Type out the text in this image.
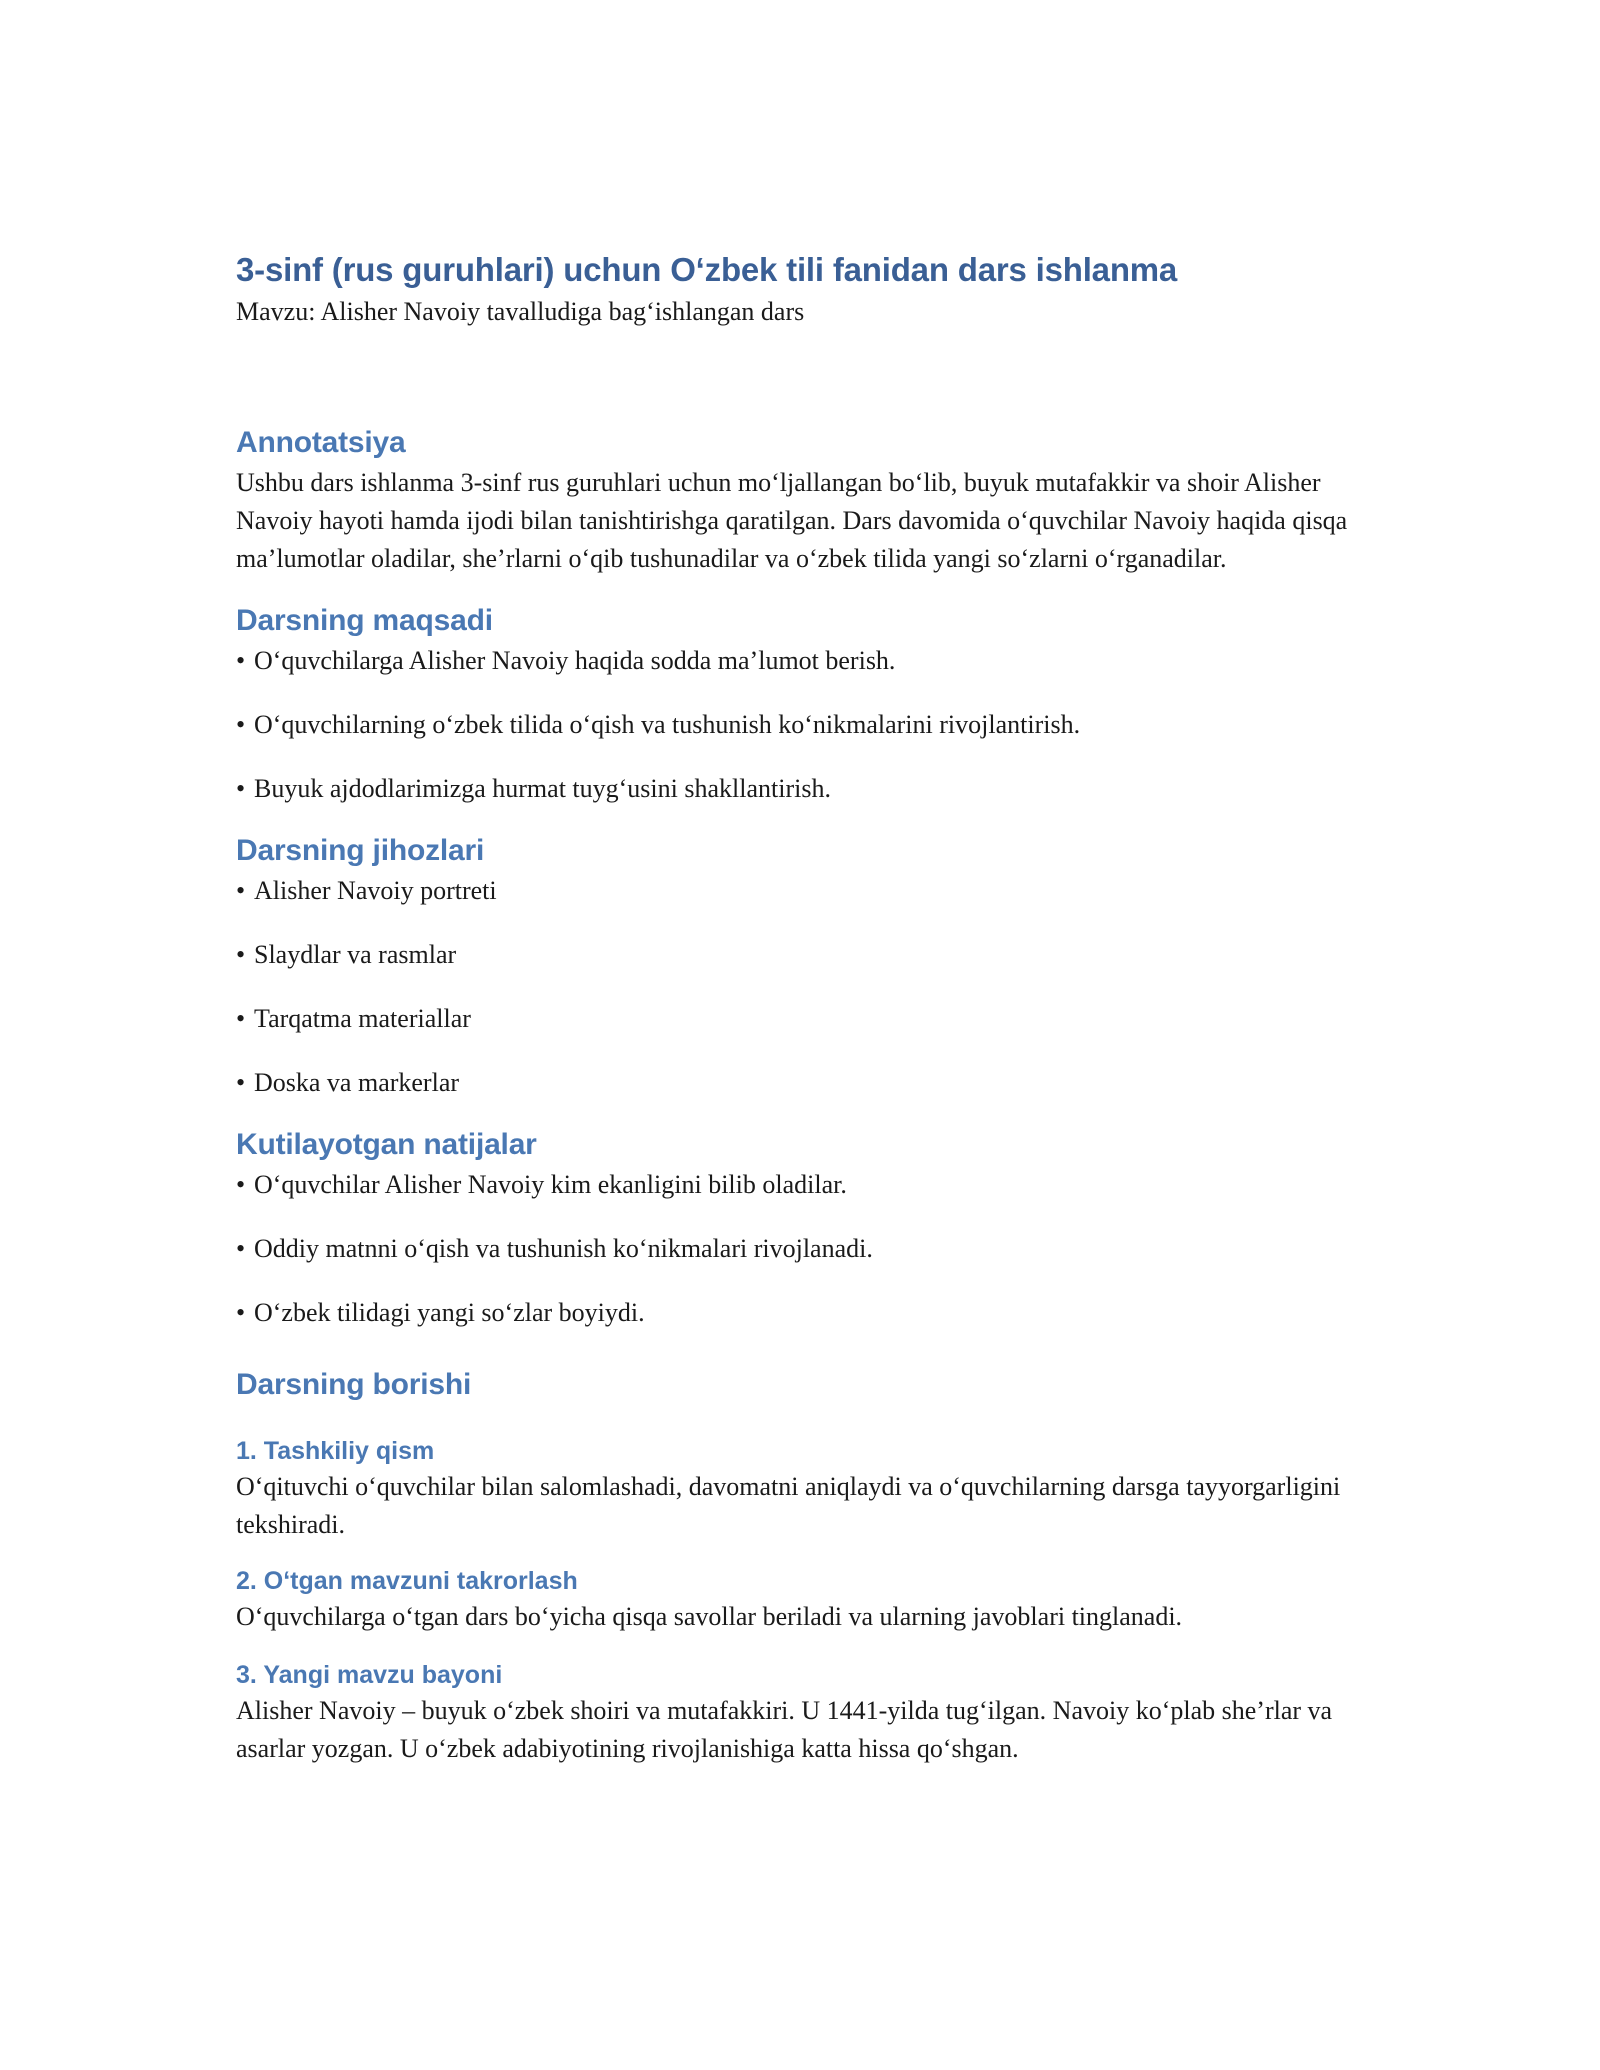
3-sinf (rus guruhlari) uchun O‘zbek tili fanidan dars ishlanma

Mavzu: Alisher Navoiy tavalludiga bag‘ishlangan dars

Annotatsiya

Ushbu dars ishlanma 3-sinf rus guruhlari uchun mo‘ljallangan bo‘lib, buyuk mutafakkir va shoir Alisher Navoiy hayoti hamda ijodi bilan tanishtirishga qaratilgan. Dars davomida o‘quvchilar Navoiy haqida qisqa ma’lumotlar oladilar, she’rlarni o‘qib tushunadilar va o‘zbek tilida yangi so‘zlarni o‘rganadilar.

Darsning maqsadi
• O‘quvchilarga Alisher Navoiy haqida sodda ma’lumot berish.
• O‘quvchilarning o‘zbek tilida o‘qish va tushunish ko‘nikmalarini rivojlantirish.
• Buyuk ajdodlarimizga hurmat tuyg‘usini shakllantirish.
Darsning jihozlari
• Alisher Navoiy portreti
• Slaydlar va rasmlar
• Tarqatma materiallar
• Doska va markerlar
Kutilayotgan natijalar
• O‘quvchilar Alisher Navoiy kim ekanligini bilib oladilar.
• Oddiy matnni o‘qish va tushunish ko‘nikmalari rivojlanadi.
• O‘zbek tilidagi yangi so‘zlar boyiydi.
Darsning borishi
1. Tashkiliy qism

O‘qituvchi o‘quvchilar bilan salomlashadi, davomatni aniqlaydi va o‘quvchilarning darsga tayyorgarligini tekshiradi.

2. O‘tgan mavzuni takrorlash

O‘quvchilarga o‘tgan dars bo‘yicha qisqa savollar beriladi va ularning javoblari tinglanadi.

3. Yangi mavzu bayoni

Alisher Navoiy – buyuk o‘zbek shoiri va mutafakkiri. U 1441-yilda tug‘ilgan. Navoiy ko‘plab she’rlar va asarlar yozgan. U o‘zbek adabiyotining rivojlanishiga katta hissa qo‘shgan.
